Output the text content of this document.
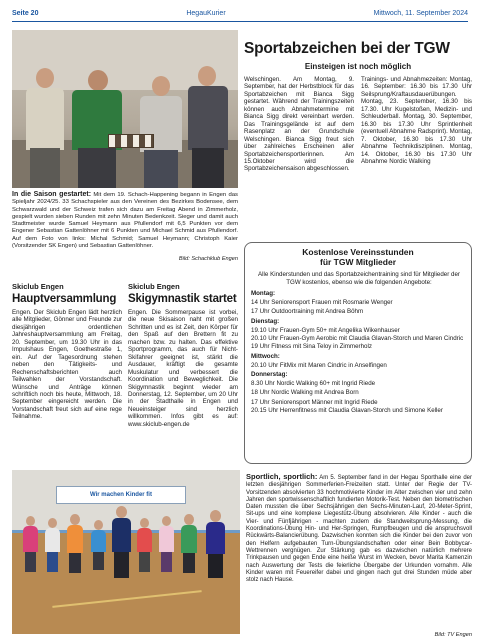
Seite 20	HegauKurier	Mittwoch, 11. September 2024
In die Saison gestartet: Mit dem 19. Schach-Happening begann in Engen das Spieljahr 2024/25. 33 Schachspieler aus den Vereinen des Bezirkes Bodensee, dem Schwarzwald und der Schweiz trafen sich dazu am Freitag Abend in Zimmerholz, gespielt wurden sieben Runden mit zehn Minuten Bedenkzeit. Sieger und damit auch Stadtmeister wurde Samuel Heymann aus Pfullendorf mit 6,5 Punkten vor dem Engener Sebastian Gattenlöhner mit 6 Punkten und Michael Schmid aus Pfullendorf. Auf dem Foto von links: Michal Schmid; Samuel Heymann; Christoph Kaier (Vorsitzender SK Engen) und Sebastian Gattenlöhner.
Bild: Schachklub Engen
Sportabzeichen bei der TGW
Einsteigen ist noch möglich
Welschingen. Am Montag, 9. September, hat der Herbstblock für das Sportabzeichen mit Bianca Sigg gestartet. Während der Trainingszeiten können auch Abnahmetermine mit Bianca Sigg direkt vereinbart werden. Das Trainingsgelände ist auf dem Rasenplatz an der Grundschule Welschingen. Bianca Sigg freut sich über zahlreiches Erscheinen aller Sportabzeichensportlerinnen. Am 15.Oktober wird die Sportabzeichensaison abgeschlossen.
Trainings- und Abnahmezeiten: Montag, 16. September: 16.30 bis 17.30 Uhr Seilsprung/Kraftausdauerübungen. Montag, 23. September, 16.30 bis 17.30. Uhr Kugelstoßen, Medizin- und Schleuderball. Montag, 30. September, 16.30 bis 17.30 Uhr Sprintlenheit (eventuell Abnahme Radsprint). Montag, 7. Oktober, 16.30 bis 17.30 Uhr Abnahme Technikdisziplinen. Montag, 14. Oktober, 16.30 bis 17.30 Uhr Abnahme Nordic Walking
Kostenlose Vereinsstunden
für TGW Mitglieder
Alle Kinderstunden und das Sportabzeichentraining sind für Mitglieder der TGW kostenlos, ebenso wie die folgenden Angebote:
Montag:
14 Uhr Seniorensport Frauen mit Rosmarie Wenger
17 Uhr Outdoortraining mit Andrea Böhm
Dienstag:
19.10 Uhr Frauen-Gym 50+ mit Angelika Wikenhauser
20.10 Uhr Frauen-Gym Aerobic mit Claudia Glavan-Storch und Maren Cindric
19 Uhr Fitness mit Sina Teloy in Zimmerholz
Mittwoch:
20.10 Uhr FitMix mit Maren Cindric in Anselfingen
Donnerstag:
8.30 Uhr Nordic Walking 60+ mit Ingrid Riede
18 Uhr Nordic Walking mit Andrea Born
17 Uhr Seniorensport Männer mit Ingrid Riede
20.15 Uhr Herrenfitness mit Claudia Glavan-Storch und Simone Keller
Skiclub Engen
Hauptversammlung
Engen. Der Skiclub Engen lädt herzlich alle Mitglieder, Gönner und Freunde zur diesjährigen ordentlichen Jahreshauptversammlung am Freitag, 20. September, um 19.30 Uhr in das Impulshaus Engen, Goethestraße 1, ein. Auf der Tagesordnung stehen neben den Tätigkeits- und Rechenschaftsberichten auch Teilwahlen der Vorstandschaft. Wünsche und Anträge können schriftlich noch bis heute, Mittwoch, 18. September eingereicht werden. Die Vorstandschaft freut sich auf eine rege Teilnahme.
Skiclub Engen
Skigymnastik startet
Engen. Die Sommerpause ist vorbei, die neue Skisaison naht mit großen Schritten und es ist Zeit, den Körper für den Spaß auf den Brettern fit zu machen bzw. zu halten. Das effektive Sportprogramm, das auch für Nicht-Skifahrer geeignet ist, stärkt die Ausdauer, kräftigt die gesamte Muskulatur und verbessert die Koordination und Beweglichkeit. Die Skigymnastik beginnt wieder am Donnerstag, 12. September, um 20 Uhr in der Stadthalle in Engen und Neueinsteiger sind herzlich willkommen. Infos gibt es auf: www.skiclub-engen.de
Wir machen Kinder fit
Sportlich, sportlich: Am 5. September fand in der Hegau Sporthalle eine der letzten diesjährigen Sommerferien-Freizeiten statt. Unter der Regie der TV-Vorsitzenden absolvierten 33 hochmotivierte Kinder im Alter zwischen vier und zehn Jahren den sportwissenschaftlich fundierten Motorik-Test. Neben den biometrischen Daten mussten die über Sechsjährigen den Sechs-Minuten-Lauf, 20-Meter-Sprint, Sit-ups und eine komplexe Liegestütz-Übung absolvieren. Alle Kinder - auch die Vier- und Fünfjährigen - machten zudem die Standweitsprung-Messung, die Koordinations-Übung Hin- und Her-Springen, Rumpfbeugen und die anspruchsvoll Rückwärts-Balancierübung. Dazwischen konnten sich die Kinder bei den zuvor von den Helfern aufgebauten Turn-Übungslandschaften oder einer Bein Bobbycar-Wettrennen vergnügen. Zur Stärkung gab es dazwischen natürlich mehrere Trinkpausen und gegen Ende eine heiße Wurst im Wecken, bevor Marita Kamenzin nach Auswertung der Tests die feierliche Übergabe der Urkunden vornahm. Alle Kinder waren mit Feuereifer dabei und gingen nach gut drei Stunden müde aber stolz nach Hause.
Bild: TV Engen
